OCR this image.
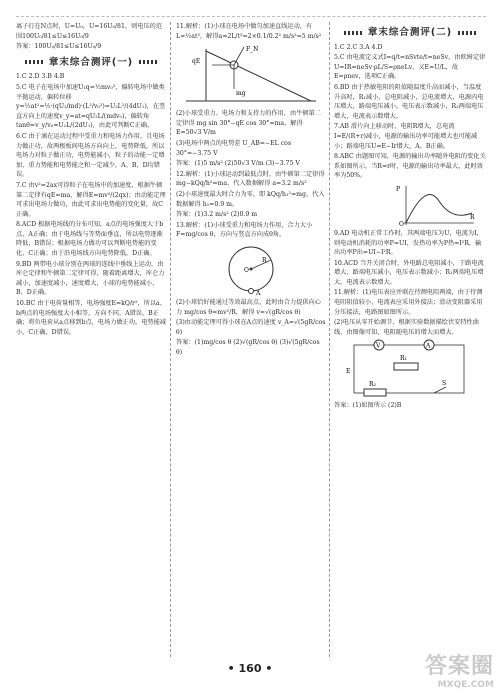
离子打在N点时，U=U₀，U=16U₀/81，则电压的范围100U₀/81≤U≤16U₀/9

答案：100U₀/81≤U≤16U₀/9

章末综合测评(一)

1.C 2.D 3.B 4.B

5.C 电子在电场中加速U₁q=½mv₀²，偏转电场中做类平抛运动，偏转位移y=½at²=½·(qU₂/md)·(L²/v₀²)=U₂L²/(4dU₁)，在竖直方向上的速度v_y=at=qU₂L/(mdv₀)，偏转角tanθ=v_y/v₀=U₂L/(2dU₁)，由此可判断C正确。

6.C 由于滴在运动过程中受重力和电场力作用，且电场力做正功，故两极板间电场方向向上，电势降低，所以电场力对粒子做正功，电势能减小，粒子的动能一定增加，重力势能和电势能之和一定减少，A、B、D均错误。

7.C 由v²=2ax可得粒子在电场中的加速度，根据牛顿第二定律有qE=ma，解得E=mv²/(2qx)；由动能定理可求出电场力做功，由此可求出电势能的变化量，故C正确。

8.ACD 根据电场线的分布可知，a点的电场强度大于b点，A正确；由于电场线与等势面垂直，所以电势逐渐降低，B错误；根据电场力做功可以判断电势能的变化，C正确；由于沿电场线方向电势降低，D正确。

9.BD 两带电小球分别在两球的连线中垂线上运动，由库仑定律和牛顿第二定律可得，随着距离增大，库仑力减小，加速度减小，速度增大，小球的电势能减小，B、D正确。

10.BC 由于电荷量相等，电场强度E=kQ/r²，所以a、b两点的电场强度大小相等，方向不同，A错误，B正确；将负电荷从a点移到b点，电场力做正功，电势能减小，C正确，D错误。

11.解析：(1)小球在电场中做匀加速直线运动，有L=½at²，解得a=2L/t²=2×0.1/0.2² m/s²=5 m/s²

qE
mg
F_N

(2)小球受重力、电场力和支持力的作用，由牛顿第二定律得 mg sin 30°−qE cos 30°=ma，解得 E=50√3 V/m

(3)电场中两点的电势差 U_AB=−EL cos 30°=−3.75 V

答案：(1)5 m/s² (2)50√3 V/m (3)−3.75 V

12.解析：(1)小球运动到最低点时，由牛顿第二定律得 mg−kQq/h²=ma，代入数据解得 a=3.2 m/s²

(2)小球速度最大时合力为零，即 kQq/h₁²=mg，代入数据解得 h₁=0.9 m。

答案：(1)3.2 m/s² (2)0.9 m

13.解析：(1)小球受重力和电场力作用，合力大小 F=mg/cos θ，方向与竖直方向成θ角。

O
R
A

(2)小球恰好能通过等效最高点，此时由合力提供向心力 mg/cos θ=mv²/R，解得 v=√(gR/cos θ)

(3)由动能定理可得小球在A点的速度 v_A=√(5gR/cos θ)

答案：(1)mg/cos θ (2)√(gR/cos θ) (3)√(5gR/cos θ)

章末综合测评(二)

1.C 2.C 3.A 4.D

5.C 由电流定义式I=q/t=nSvte/t=neSv，由欧姆定律U=IR=neSv·ρL/S=ρneLv，又E=U/L，故E=ρnev，选项C正确。

6.BD 由于热敏电阻的阻值随温度升高而减小，当温度升高时，R₁减小，总电阻减小，总电流增大，电源内电压增大，路端电压减小，电压表示数减小，R₂两端电压增大，电流表示数增大。

7.AB 滑片向上移动时，电阻R增大，总电流I=E/(R+r)减小，电源的输出功率可能增大也可能减小；路端电压U=E−Ir增大，A、B正确。

8.ABC 由题图可知，电源的输出功率随外电阻的变化关系如图所示，当R=r时，电源的输出功率最大，此时效率为50%。

P
R
O

9.AD 电动机正常工作时，其两端电压为U，电流为I，则电动机消耗的功率P=UI，发热功率为P热=I²R，输出功率P出=UI−I²R。

10.ACD 当开关闭合时，外电路总电阻减小，干路电流增大，路端电压减小，电压表示数减小；R₁两端电压增大，电流表示数增大。

11.解析：(1)电压表应并联在待测电阻两端，由于待测电阻阻值较小，电流表应采用外接法；滑动变阻器采用分压接法，电路图如图所示。

(2)电压从零开始调节，根据实验数据描绘伏安特性曲线，由图像可知，电阻随电压的增大而增大。

V	A
R₁
R₂	S
E

答案：(1)如图所示 (2)B

• 160 •	答案圈
MXQE.COM
